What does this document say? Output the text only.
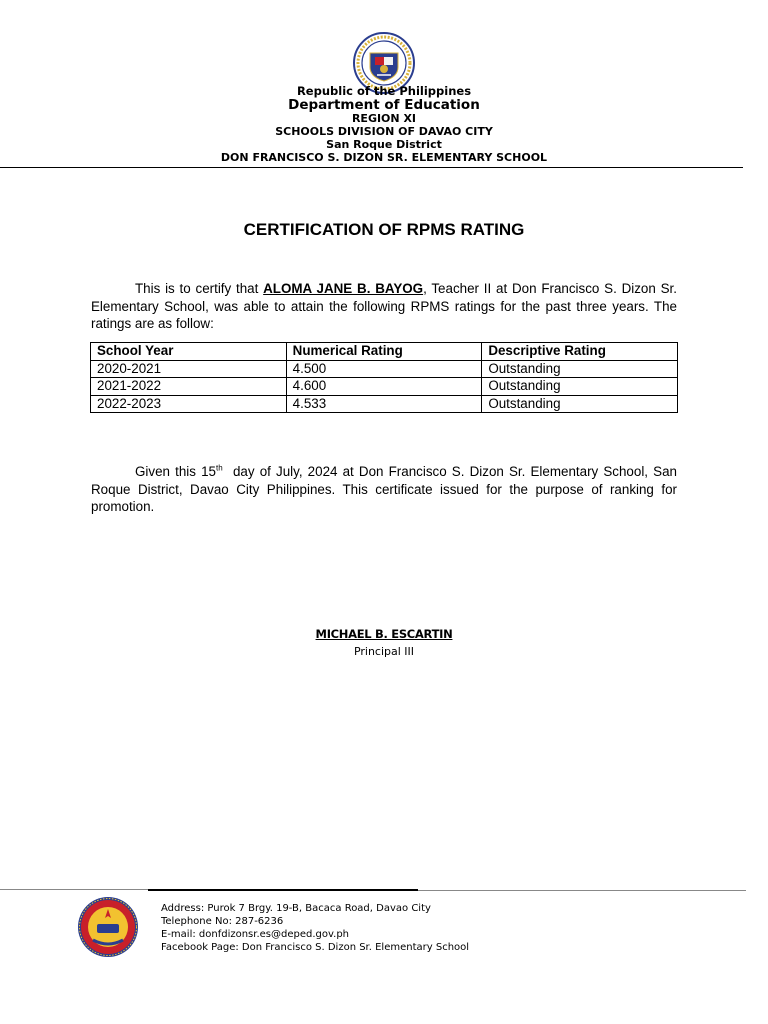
Republic of the Philippines
Department of Education
REGION XI
SCHOOLS DIVISION OF DAVAO CITY
San Roque District
DON FRANCISCO S. DIZON SR. ELEMENTARY SCHOOL
CERTIFICATION OF RPMS RATING

This is to certify that ALOMA JANE B. BAYOG, Teacher II at Don Francisco S. Dizon Sr. Elementary School, was able to attain the following RPMS ratings for the past three years. The ratings are as follow:

School Year	Numerical Rating	Descriptive Rating
2020-2021	4.500	Outstanding
2021-2022	4.600	Outstanding
2022-2023	4.533	Outstanding

Given this 15th  day of July, 2024 at Don Francisco S. Dizon Sr. Elementary School, San Roque District, Davao City Philippines. This certificate issued for the purpose of ranking for promotion.

MICHAEL B. ESCARTIN
Principal III
Address: Purok 7 Brgy. 19-B, Bacaca Road, Davao City
Telephone No: 287-6236
E-mail: donfdizonsr.es@deped.gov.ph
Facebook Page: Don Francisco S. Dizon Sr. Elementary School
